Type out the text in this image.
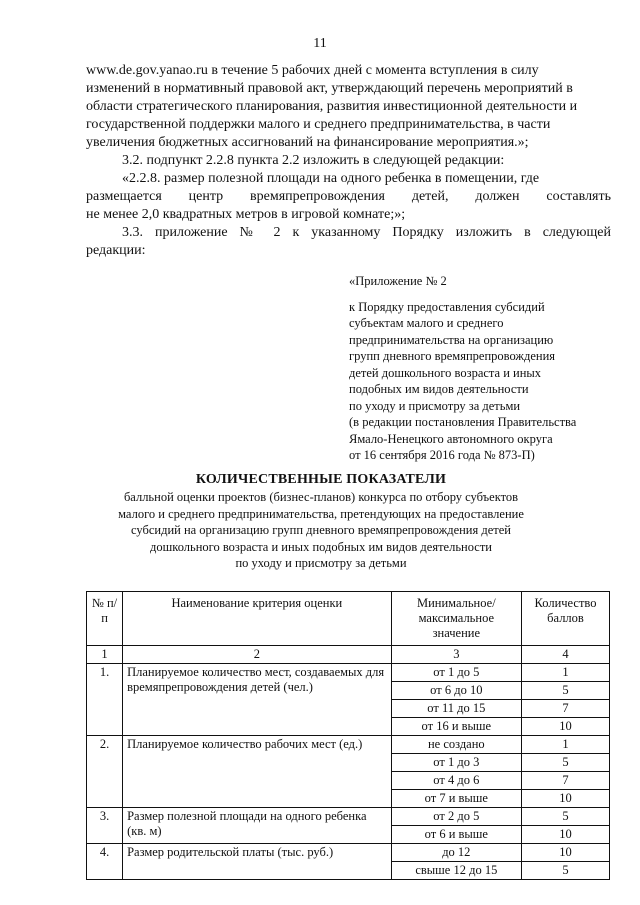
11

www.de.gov.yanao.ru в течение 5 рабочих дней с момента вступления в силу

изменений в нормативный правовой акт, утверждающий перечень мероприятий в

области стратегического планирования, развития инвестиционной деятельности и

государственной поддержки малого и среднего предпринимательства, в части

увеличения бюджетных ассигнований на финансирование мероприятия.»;

3.2. подпункт 2.2.8 пункта 2.2 изложить в следующей редакции:

«2.2.8. размер полезной площади на одного ребенка в помещении, где

размещается центр времяпрепровождения детей, должен составлять

не менее 2,0 квадратных метров в игровой комнате;»;

3.3. приложение № 2 к указанному Порядку изложить в следующей

редакции:

«Приложение № 2
к Порядку предоставления субсидий
субъектам малого и среднего
предпринимательства на организацию
групп дневного времяпрепровождения
детей дошкольного возраста и иных
подобных им видов деятельности
по уходу и присмотру за детьми
(в редакции постановления Правительства
Ямало-Ненецкого автономного округа
от 16 сентября 2016 года № 873-П)
КОЛИЧЕСТВЕННЫЕ ПОКАЗАТЕЛИ
балльной оценки проектов (бизнес-планов) конкурса по отбору субъектов
малого и среднего предпринимательства, претендующих на предоставление
субсидий на организацию групп дневного времяпрепровождения детей
дошкольного возраста и иных подобных им видов деятельности
по уходу и присмотру за детьми
№ п/п	Наименование критерия оценки	Минимальное/ максимальное значение	Количество баллов
1	2	3	4
1.	Планируемое количество мест, создаваемых для времяпрепровождения детей (чел.)	от 1 до 5	1
		от 6 до 10	5
		от 11 до 15	7
		от 16 и выше	10
2.	Планируемое количество рабочих мест (ед.)	не создано	1
		от 1 до 3	5
		от 4 до 6	7
		от 7 и выше	10
3.	Размер полезной площади на одного ребенка (кв. м)	от 2 до 5	5
		от 6 и выше	10
4.	Размер родительской платы (тыс. руб.)	до 12	10
		свыше 12 до 15	5
